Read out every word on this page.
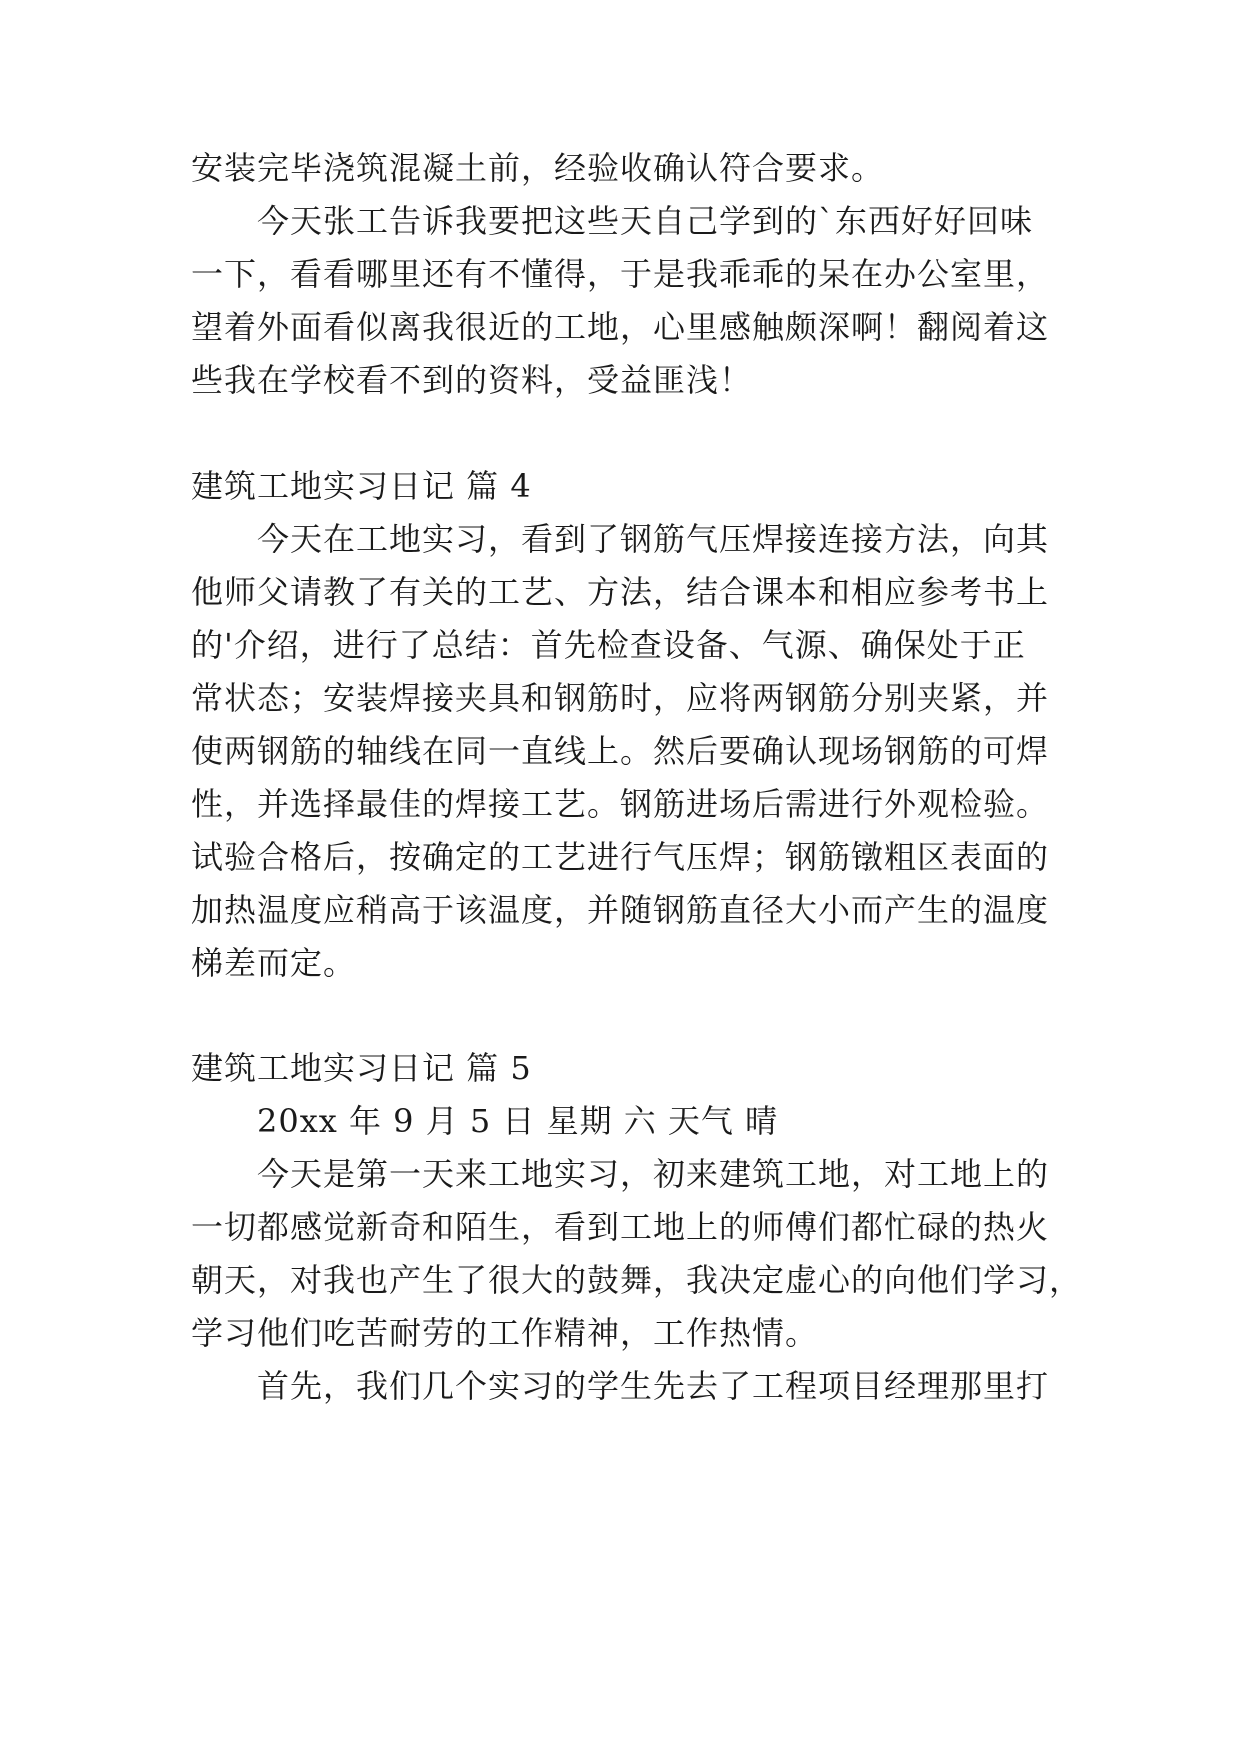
安装完毕浇筑混凝土前，经验收确认符合要求。
今天张工告诉我要把这些天自己学到的`东西好好回味
一下，看看哪里还有不懂得，于是我乖乖的呆在办公室里，
望着外面看似离我很近的工地，心里感触颇深啊！翻阅着这
些我在学校看不到的资料，受益匪浅！
建筑工地实习日记 篇 4
今天在工地实习，看到了钢筋气压焊接连接方法，向其
他师父请教了有关的工艺、方法，结合课本和相应参考书上
的'介绍，进行了总结：首先检查设备、气源、确保处于正
常状态；安装焊接夹具和钢筋时，应将两钢筋分别夹紧，并
使两钢筋的轴线在同一直线上。然后要确认现场钢筋的可焊
性，并选择最佳的焊接工艺。钢筋进场后需进行外观检验。
试验合格后，按确定的工艺进行气压焊；钢筋镦粗区表面的
加热温度应稍高于该温度，并随钢筋直径大小而产生的温度
梯差而定。
建筑工地实习日记 篇 5
20xx 年 9 月 5 日 星期 六 天气 晴
今天是第一天来工地实习，初来建筑工地，对工地上的
一切都感觉新奇和陌生，看到工地上的师傅们都忙碌的热火
朝天，对我也产生了很大的鼓舞，我决定虚心的向他们学习，
学习他们吃苦耐劳的工作精神，工作热情。
首先，我们几个实习的学生先去了工程项目经理那里打
